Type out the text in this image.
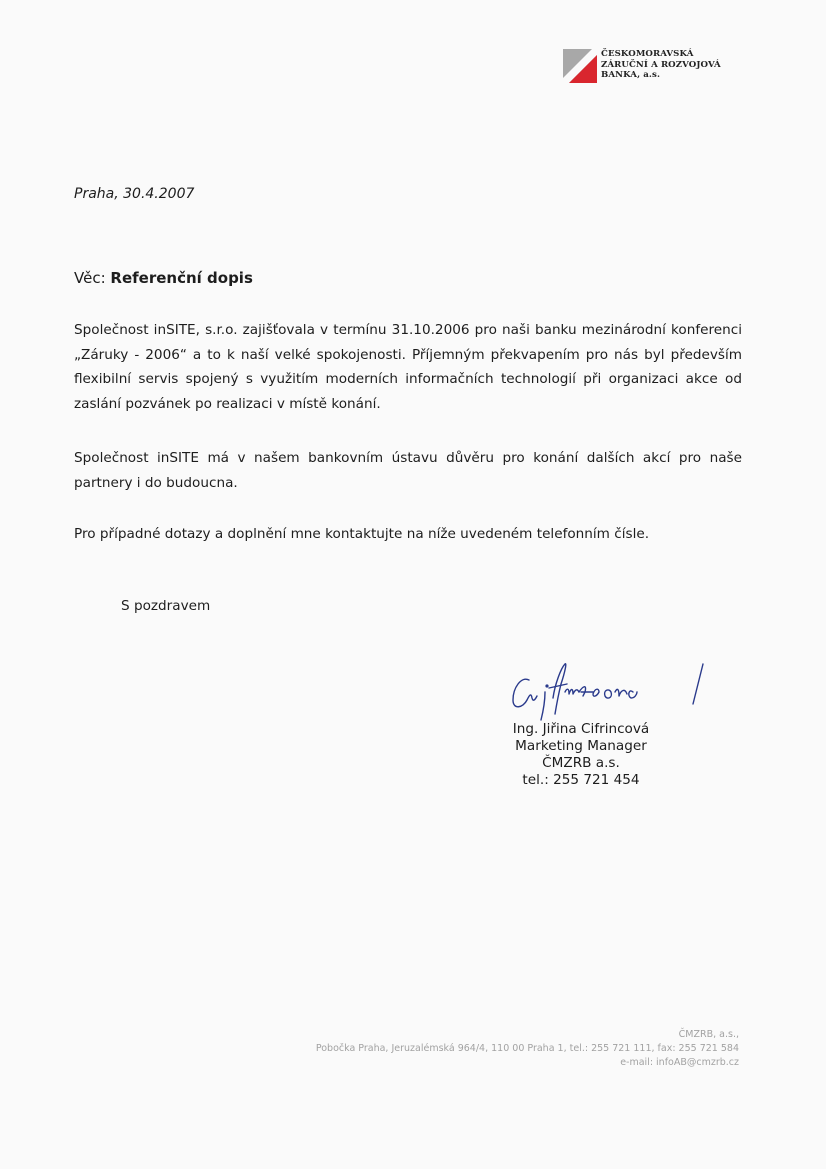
ČESKOMORAVSKÁ
ZÁRUČNÍ A ROZVOJOVÁ
BANKA, a.s.
Praha, 30.4.2007
Věc: Referenční dopis

Společnost inSITE, s.r.o. zajišťovala v termínu 31.10.2006 pro naši banku mezinárodní konferenci „Záruky - 2006“ a to k naší velké spokojenosti. Příjemným překvapením pro nás byl především flexibilní servis spojený s využitím moderních informačních technologií při organizaci akce od zaslání pozvánek po realizaci v místě konání.

Společnost inSITE má v našem bankovním ústavu důvěru pro konání dalších akcí pro naše partnery i do budoucna.

Pro případné dotazy a doplnění mne kontaktujte na níže uvedeném telefonním čísle.

S pozdravem
Ing. Jiřina Cifrincová
Marketing Manager
ČMZRB a.s.
tel.: 255 721 454
ČMZRB, a.s.,
Pobočka Praha, Jeruzalémská 964/4, 110 00 Praha 1, tel.: 255 721 111, fax: 255 721 584
e-mail: infoAB@cmzrb.cz
